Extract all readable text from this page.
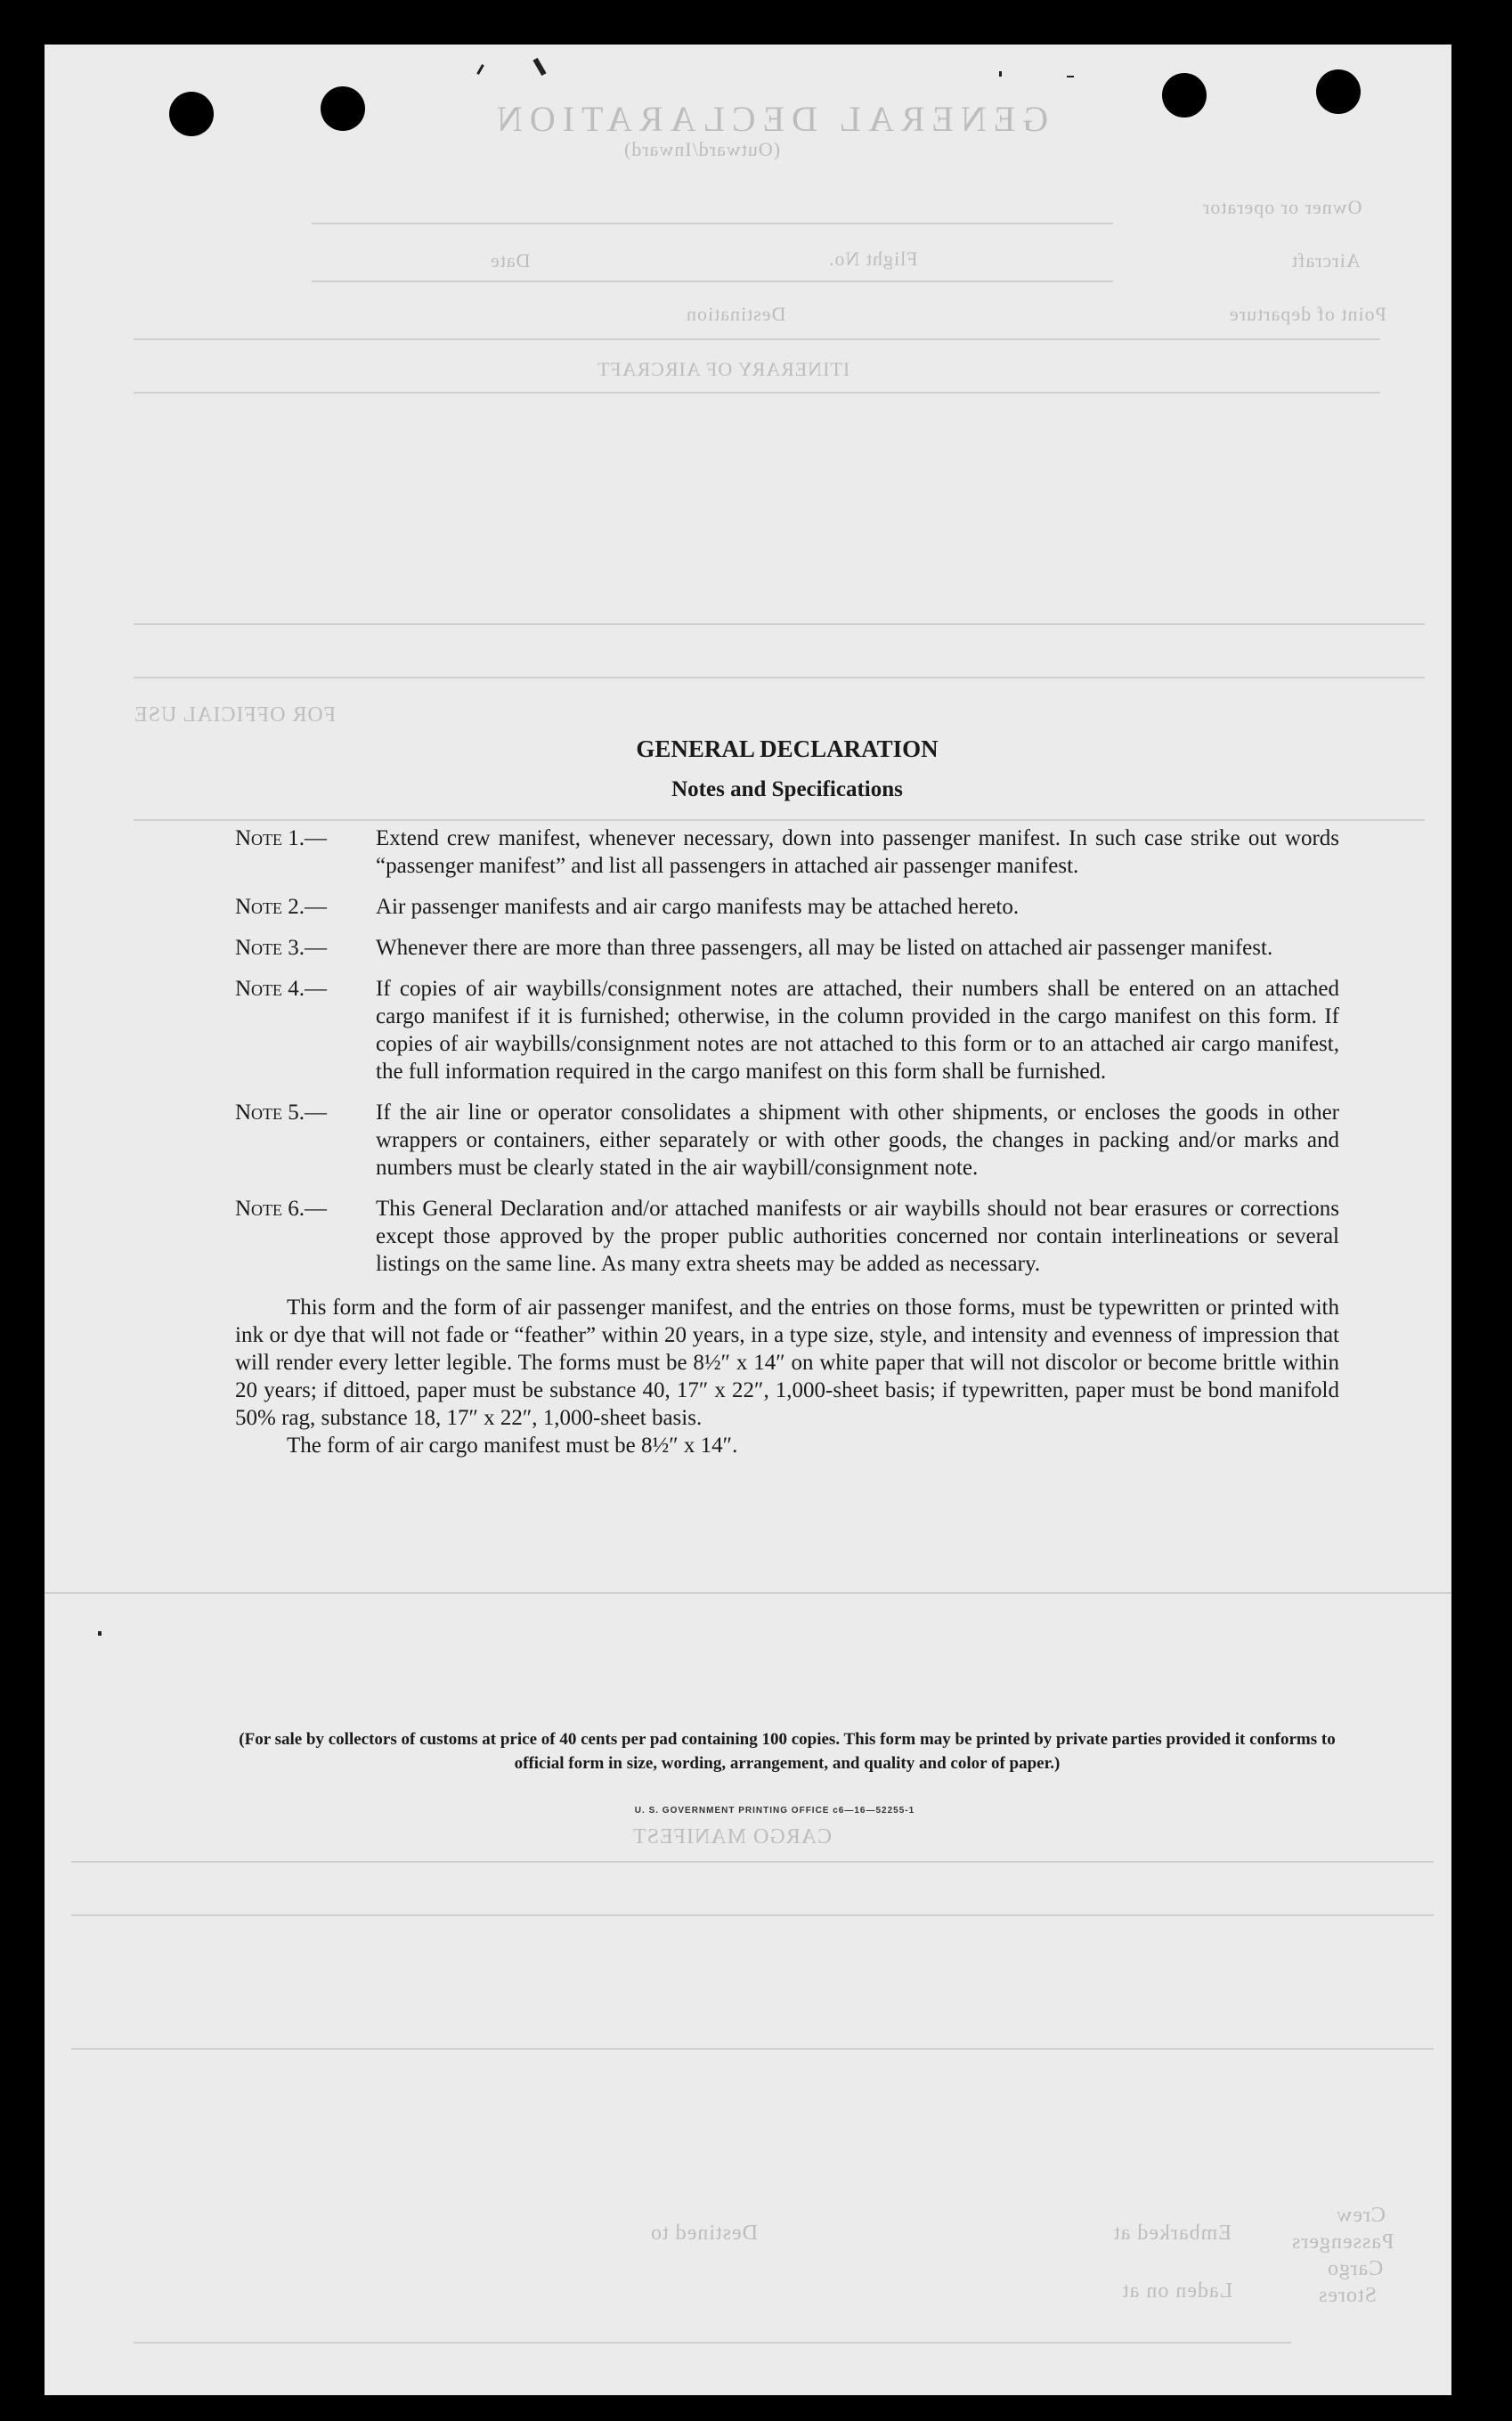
GENERAL DECLARATION
(Outward/Inward)
Owner or operator
Aircraft
Flight No.
Date
Point of departure
Destination
ITINERARY OF AIRCRAFT
FOR OFFICIAL USE
CARGO MANIFEST
Crew
Passengers
Cargo
Stores
Embarked at
Destined to
Laden on at
GENERAL DECLARATION
Notes and Specifications
Note 1.—	Extend crew manifest, whenever necessary, down into passenger manifest. In such case strike out words “passenger manifest” and list all passengers in attached air passenger manifest.
Note 2.—	Air passenger manifests and air cargo manifests may be attached hereto.
Note 3.—	Whenever there are more than three passengers, all may be listed on attached air passenger manifest.
Note 4.—	If copies of air waybills/consignment notes are attached, their numbers shall be entered on an attached cargo manifest if it is furnished; otherwise, in the column provided in the cargo manifest on this form. If copies of air waybills/consignment notes are not attached to this form or to an attached air cargo manifest, the full information required in the cargo manifest on this form shall be furnished.
Note 5.—	If the air line or operator consolidates a shipment with other shipments, or encloses the goods in other wrappers or containers, either separately or with other goods, the changes in packing and/or marks and numbers must be clearly stated in the air waybill/consignment note.
Note 6.—	This General Declaration and/or attached manifests or air waybills should not bear erasures or corrections except those approved by the proper public authorities concerned nor contain interlineations or several listings on the same line. As many extra sheets may be added as necessary.

This form and the form of air passenger manifest, and the entries on those forms, must be typewritten or printed with ink or dye that will not fade or “feather” within 20 years, in a type size, style, and intensity and evenness of impression that will render every letter legible. The forms must be 8½″ x 14″ on white paper that will not discolor or become brittle within 20 years; if dittoed, paper must be substance 40, 17″ x 22″, 1,000-sheet basis; if typewritten, paper must be bond manifold 50% rag, substance 18, 17″ x 22″, 1,000-sheet basis.

The form of air cargo manifest must be 8½″ x 14″.

(For sale by collectors of customs at price of 40 cents per pad containing 100 copies. This form may be printed by private parties provided it conforms to official form in size, wording, arrangement, and quality and color of paper.)
U. S. GOVERNMENT PRINTING OFFICE c6—16—52255-1
